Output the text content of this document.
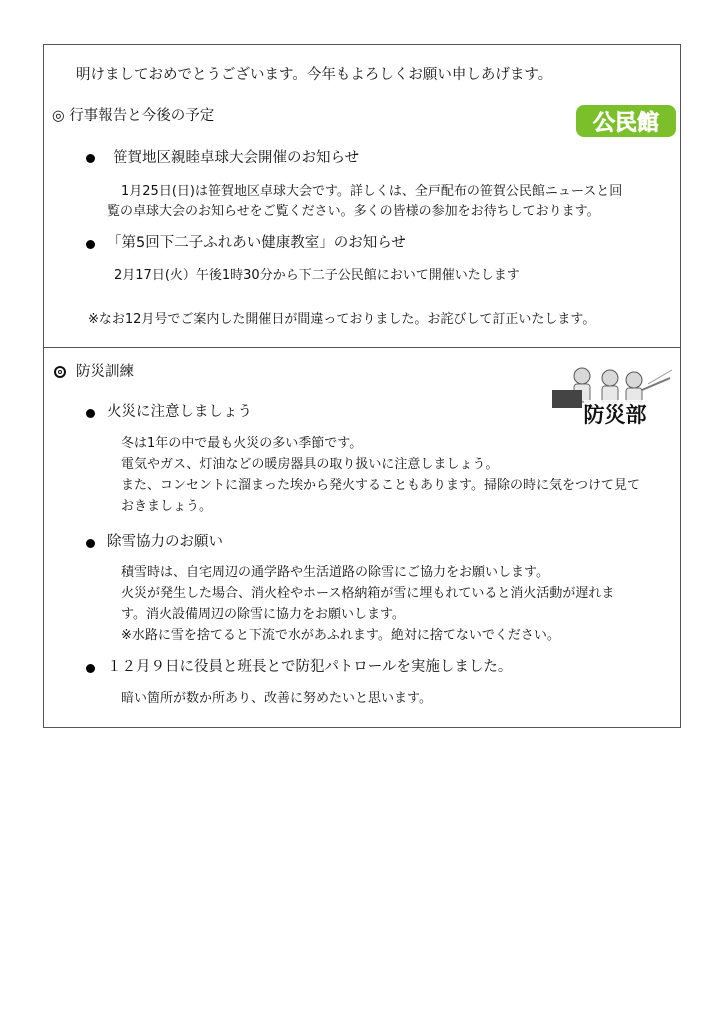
明けましておめでとうございます。今年もよろしくお願い申しあげます。
◎ 行事報告と今後の予定	公民館
笹賀地区親睦卓球大会開催のお知らせ
1月25日(日)は笹賀地区卓球大会です。詳しくは、全戸配布の笹賀公民館ニュースと回
覧の卓球大会のお知らせをご覧ください。多くの皆様の参加をお待ちしております。
「第5回下二子ふれあい健康教室」のお知らせ
2月17日(火）午後1時30分から下二子公民館において開催いたします
※なお12月号でご案内した開催日が間違っておりました。お詫びして訂正いたします。
防災訓練
防災部
火災に注意しましょう
冬は1年の中で最も火災の多い季節です。
電気やガス、灯油などの暖房器具の取り扱いに注意しましょう。
また、コンセントに溜まった埃から発火することもあります。掃除の時に気をつけて見て
おきましょう。
除雪協力のお願い
積雪時は、自宅周辺の通学路や生活道路の除雪にご協力をお願いします。
火災が発生した場合、消火栓やホース格納箱が雪に埋もれていると消火活動が遅れま
す。消火設備周辺の除雪に協力をお願いします。
※水路に雪を捨てると下流で水があふれます。絶対に捨てないでください。
１２月９日に役員と班長とで防犯パトロールを実施しました。
暗い箇所が数か所あり、改善に努めたいと思います。
